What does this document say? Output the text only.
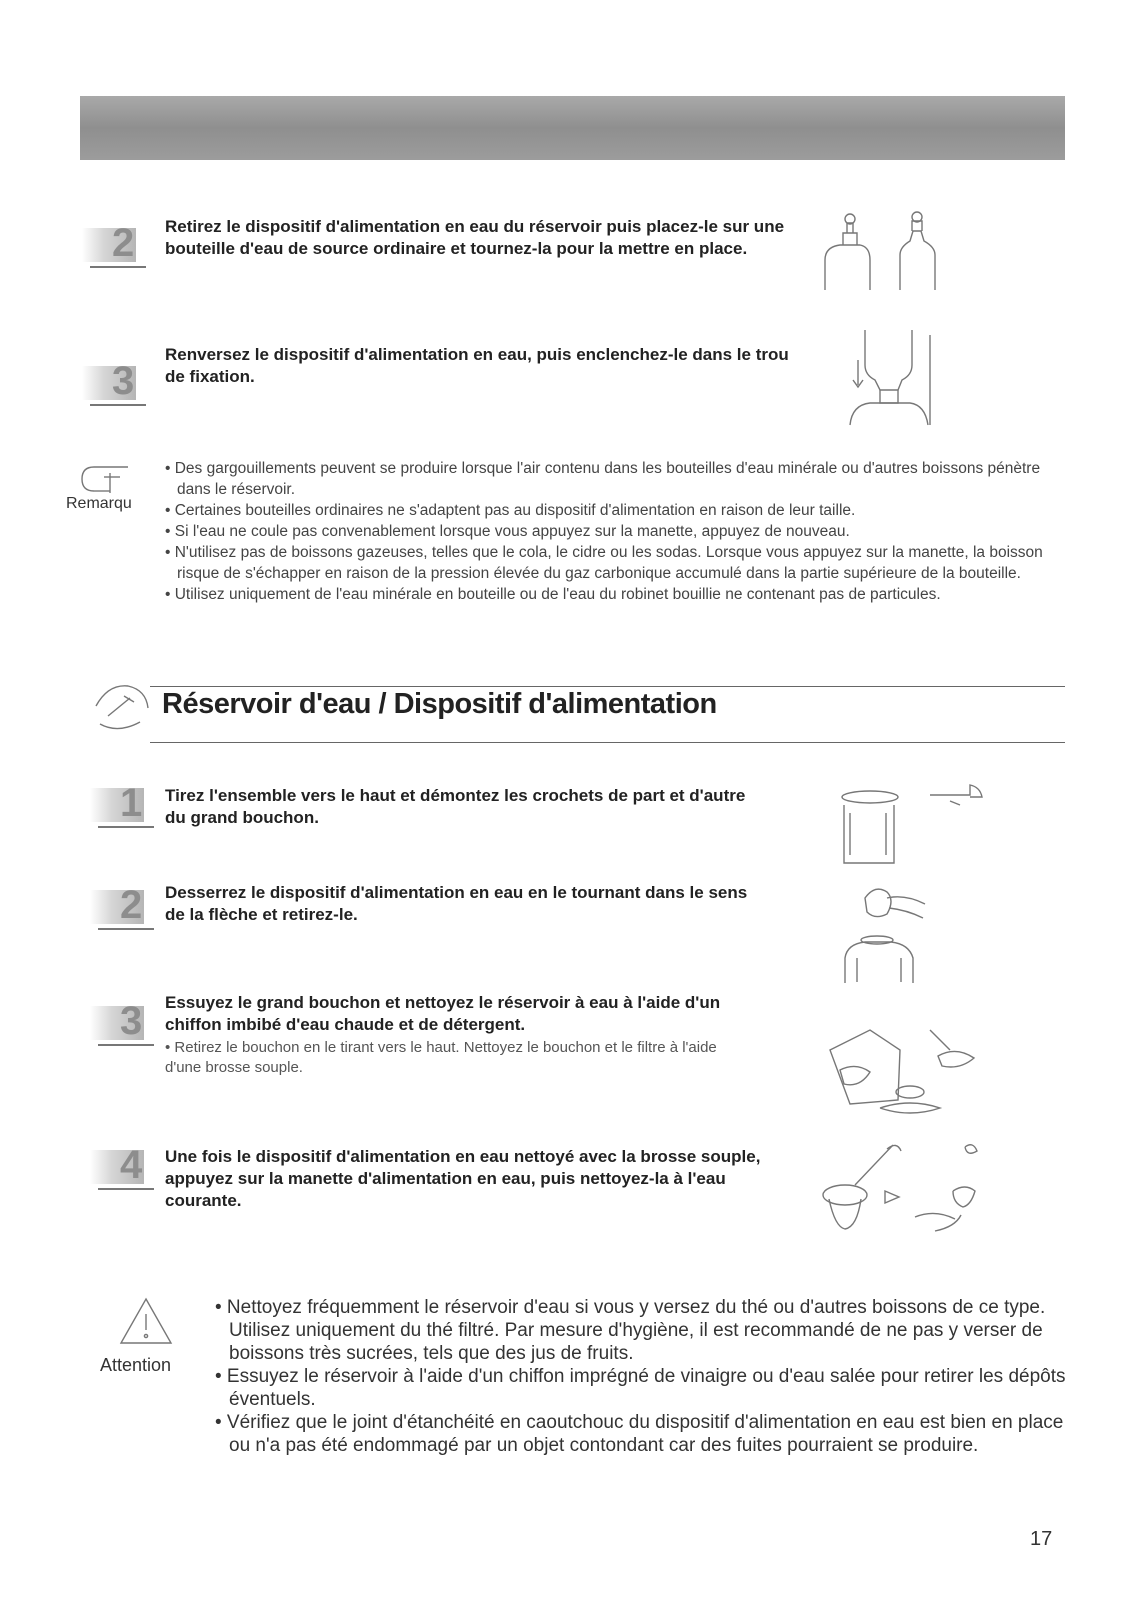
2 Retirez le dispositif d'alimentation en eau du réservoir puis placez-le sur une bouteille d'eau de source ordinaire et tournez-la pour la mettre en place.
3
Renversez le dispositif d'alimentation en eau, puis enclenchez-le dans le trou de fixation.
Remarqu

• Des gargouillements peuvent se produire lorsque l'air contenu dans les bouteilles d'eau minérale ou d'autres boissons pénètre dans le réservoir.

• Certaines bouteilles ordinaires ne s'adaptent pas au dispositif d'alimentation en raison de leur taille.

• Si l'eau ne coule pas convenablement lorsque vous appuyez sur la manette, appuyez de nouveau.

• N'utilisez pas de boissons gazeuses, telles que le cola, le cidre ou les sodas. Lorsque vous appuyez sur la manette, la boisson risque de s'échapper en raison de la pression élevée du gaz carbonique accumulé dans la partie supérieure de la bouteille.

• Utilisez uniquement de l'eau minérale en bouteille ou de l'eau du robinet bouillie ne contenant pas de particules.

Réservoir d'eau / Dispositif d'alimentation
1 Tirez l'ensemble vers le haut et démontez les crochets de part et d'autre du grand bouchon.
2 Desserrez le dispositif d'alimentation en eau en le tournant dans le sens de la flèche et retirez-le.
3 Essuyez le grand bouchon et nettoyez le réservoir à eau à l'aide d'un chiffon imbibé d'eau chaude et de détergent.
• Retirez le bouchon en le tirant vers le haut. Nettoyez le bouchon et le filtre à l'aide d'une brosse souple.
4 Une fois le dispositif d'alimentation en eau nettoyé avec la brosse souple, appuyez sur la manette d'alimentation en eau, puis nettoyez-la à l'eau courante.
Attention

• Nettoyez fréquemment le réservoir d'eau si vous y versez du thé ou d'autres boissons de ce type. Utilisez uniquement du thé filtré. Par mesure d'hygiène, il est recommandé de ne pas y verser de boissons très sucrées, tels que des jus de fruits.

• Essuyez le réservoir à l'aide d'un chiffon imprégné de vinaigre ou d'eau salée pour retirer les dépôts éventuels.

• Vérifiez que le joint d'étanchéité en caoutchouc du dispositif d'alimentation en eau est bien en place ou n'a pas été endommagé par un objet contondant car des fuites pourraient se produire.

17
